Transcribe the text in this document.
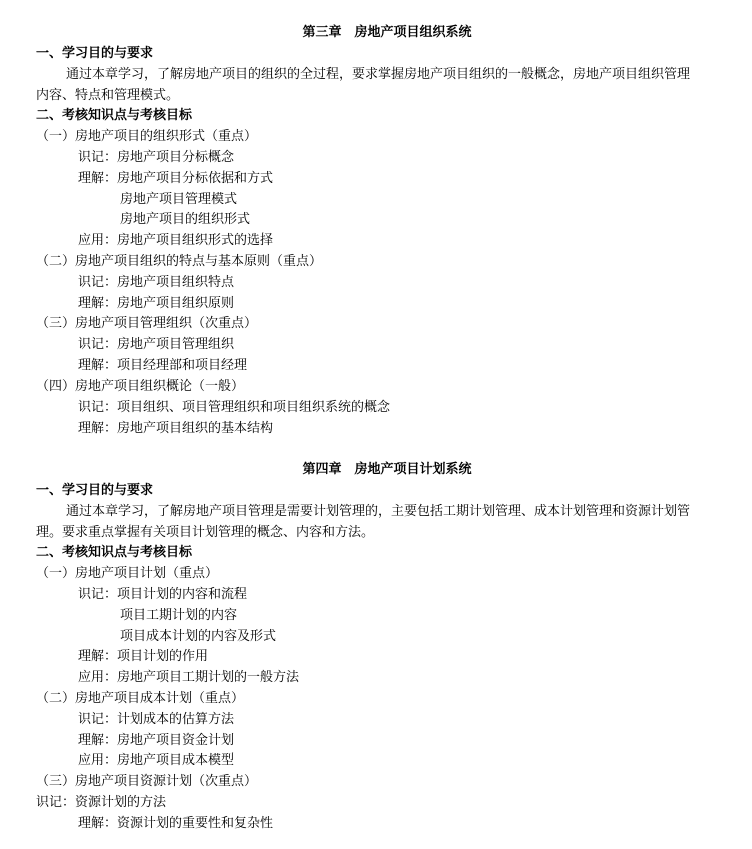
第三章　房地产项目组织系统
一、学习目的与要求
通过本章学习，了解房地产项目的组织的全过程，要求掌握房地产项目组织的一般概念，房地产项目组织管理
内容、特点和管理模式。
二、考核知识点与考核目标
（一）房地产项目的组织形式（重点）
识记：房地产项目分标概念
理解：房地产项目分标依据和方式
房地产项目管理模式
房地产项目的组织形式
应用：房地产项目组织形式的选择
（二）房地产项目组织的特点与基本原则（重点）
识记：房地产项目组织特点
理解：房地产项目组织原则
（三）房地产项目管理组织（次重点）
识记：房地产项目管理组织
理解：项目经理部和项目经理
（四）房地产项目组织概论（一般）
识记：项目组织、项目管理组织和项目组织系统的概念
理解：房地产项目组织的基本结构
第四章　房地产项目计划系统
一、学习目的与要求
通过本章学习，了解房地产项目管理是需要计划管理的，主要包括工期计划管理、成本计划管理和资源计划管
理。要求重点掌握有关项目计划管理的概念、内容和方法。
二、考核知识点与考核目标
（一）房地产项目计划（重点）
识记：项目计划的内容和流程
项目工期计划的内容
项目成本计划的内容及形式
理解：项目计划的作用
应用：房地产项目工期计划的一般方法
（二）房地产项目成本计划（重点）
识记：计划成本的估算方法
理解：房地产项目资金计划
应用：房地产项目成本模型
（三）房地产项目资源计划（次重点）
识记：资源计划的方法
理解：资源计划的重要性和复杂性
